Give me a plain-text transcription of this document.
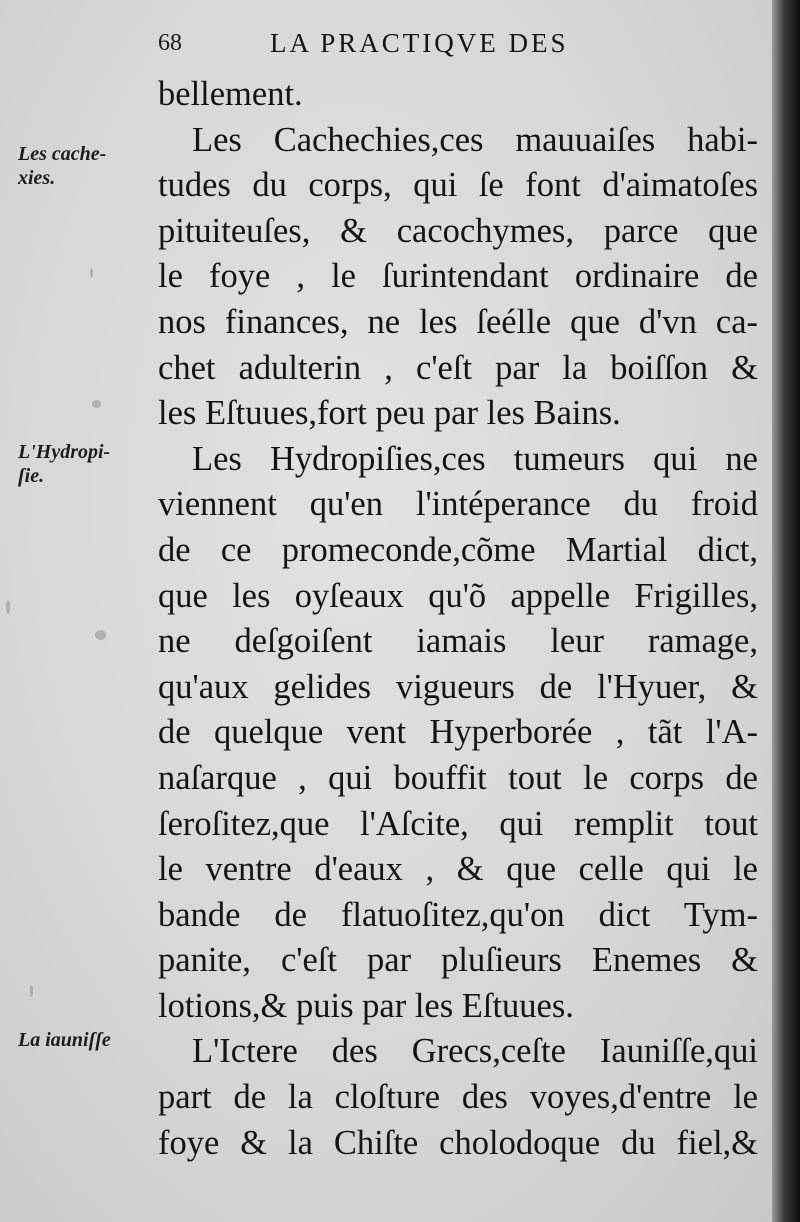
68	LA PRACTIQVE DES
Les cache-
xies.
L'Hydropi-
ſie.
La iauniſſe
bellement.
Les Cachechies,ces mauuaiſes habi-
tudes du corps, qui ſe font d'aimatoſes
pituiteuſes, & cacochymes, parce que
le foye , le ſurintendant ordinaire de
nos finances, ne les ſeélle que d'vn ca-
chet adulterin , c'eſt par la boiſſon &
les Eſtuues,fort peu par les Bains.
Les Hydropiſies,ces tumeurs qui ne
viennent qu'en l'intéperance du froid
de ce promeconde,cõme Martial dict,
que les oyſeaux qu'õ appelle Frigilles,
ne deſgoiſent iamais leur ramage,
qu'aux gelides vigueurs de l'Hyuer, &
de quelque vent Hyperborée , tãt l'A-
naſarque , qui bouffit tout le corps de
ſeroſitez,que l'Aſcite, qui remplit tout
le ventre d'eaux , & que celle qui le
bande de flatuoſitez,qu'on dict Tym-
panite, c'eſt par pluſieurs Enemes &
lotions,& puis par les Eſtuues.
L'Ictere des Grecs,ceſte Iauniſſe,qui
part de la cloſture des voyes,d'entre le
foye & la Chiſte cholodoque du fiel,&
